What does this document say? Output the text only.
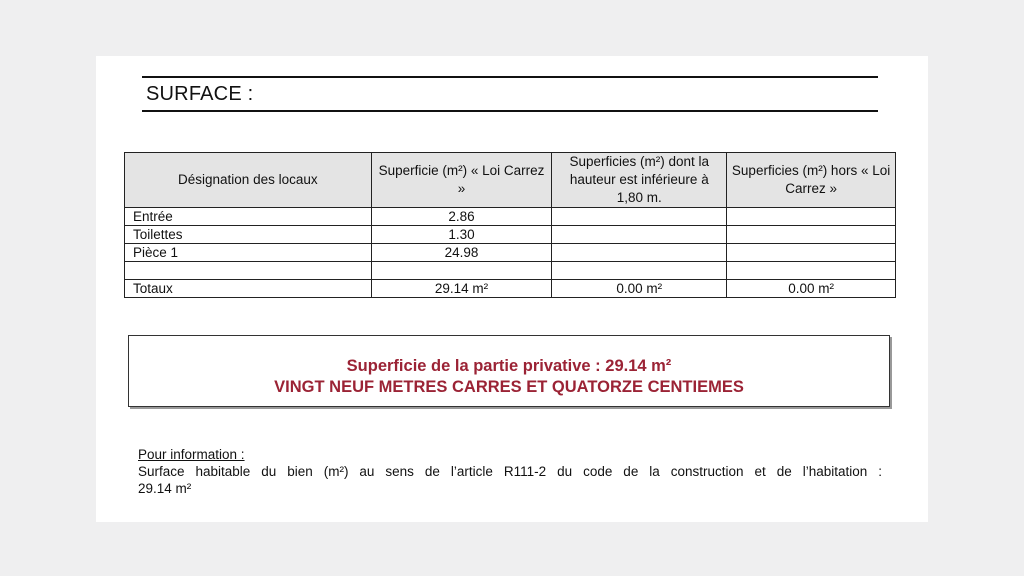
SURFACE :
Désignation des locaux	Superficie (m²) « Loi Carrez »	Superficies (m²) dont la hauteur est inférieure à 1,80 m.	Superficies (m²) hors « Loi Carrez »
Entrée	2.86		
Toilettes	1.30		
Pièce 1	24.98		

Totaux	29.14 m²	0.00 m²	0.00 m²
Superficie de la partie privative : 29.14 m²
VINGT NEUF METRES CARRES ET QUATORZE CENTIEMES
Pour information :
Surface habitable du bien (m²) au sens de l’article R111-2 du code de la construction et de l’habitation :
29.14 m²
